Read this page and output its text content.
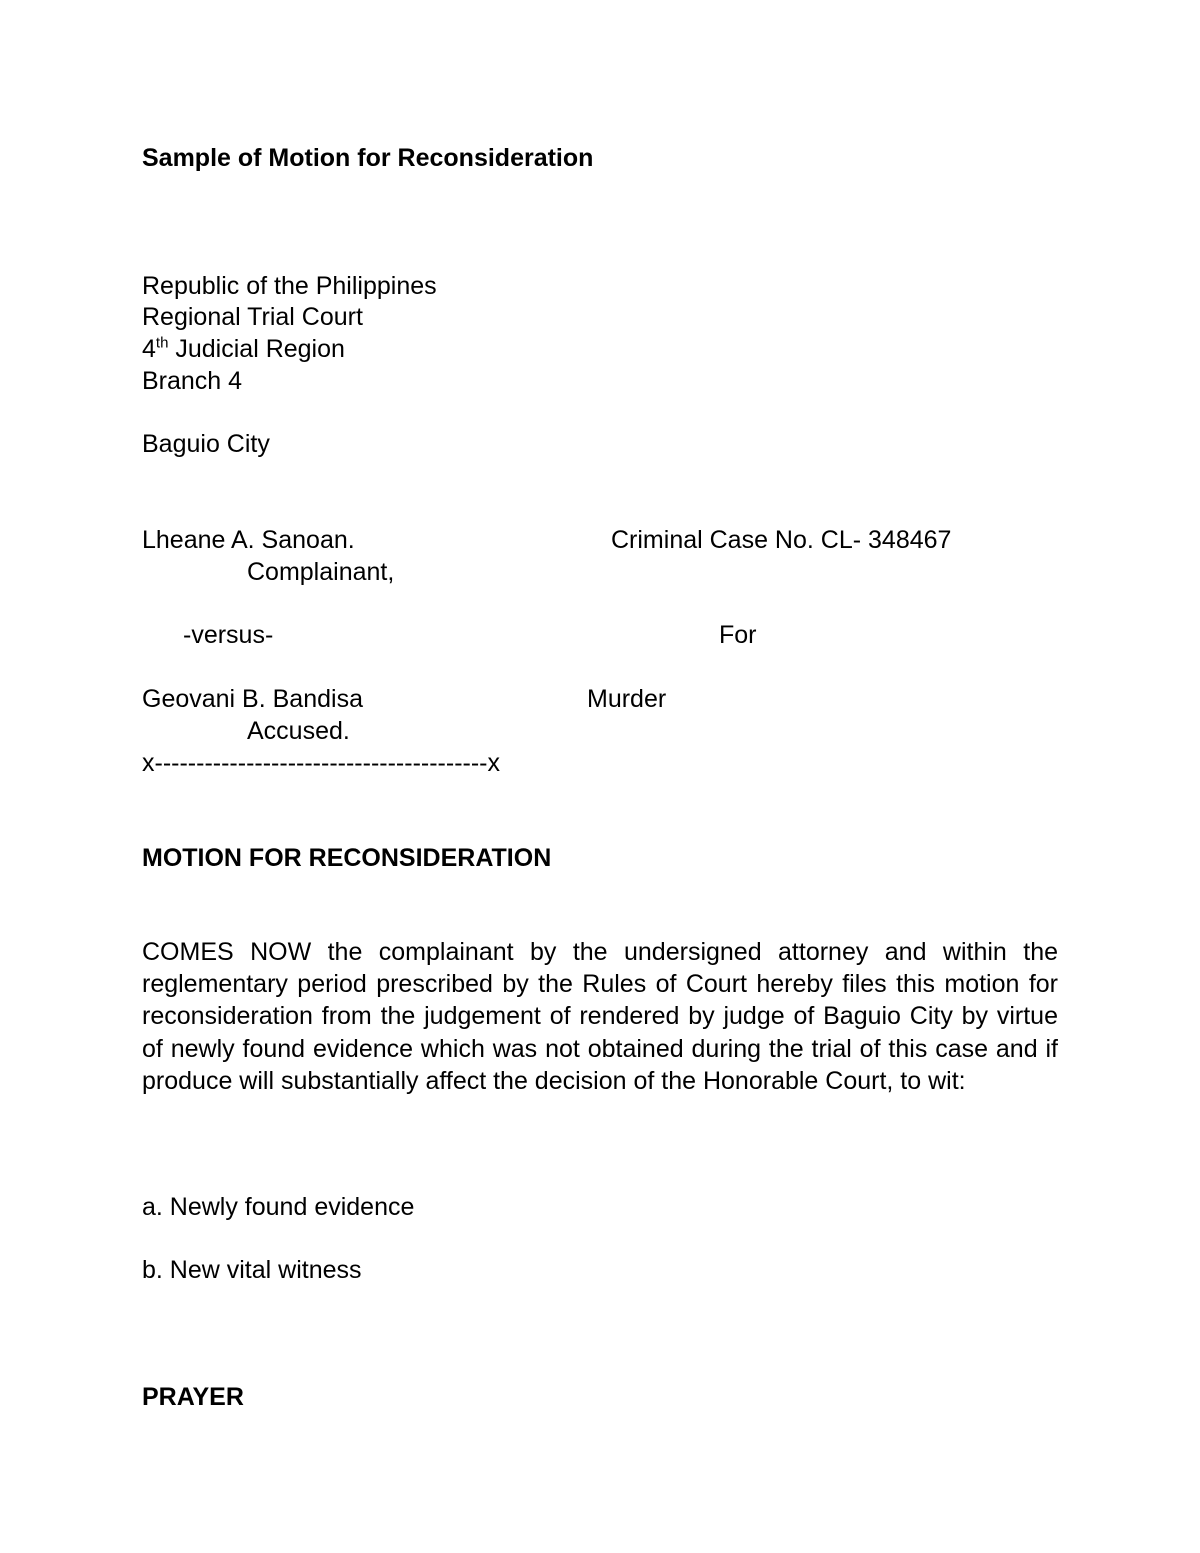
Sample of Motion for Reconsideration
Republic of the Philippines
Regional Trial Court
4th Judicial Region
Branch 4
Baguio City
Lheane A. Sanoan.	Criminal Case No. CL- 348467
Complainant,
-versus-	For
Geovani B. Bandisa	Murder
Accused.
x----------------------------------------x
MOTION FOR RECONSIDERATION
COMES NOW the complainant by the undersigned attorney and within the reglementary period prescribed by the Rules of Court hereby files this motion for reconsideration from the judgement of rendered by judge of Baguio City by virtue of newly found evidence which was not obtained during the trial of this case and if produce will substantially affect the decision of the Honorable Court, to wit:
a. Newly found evidence
b. New vital witness
PRAYER
